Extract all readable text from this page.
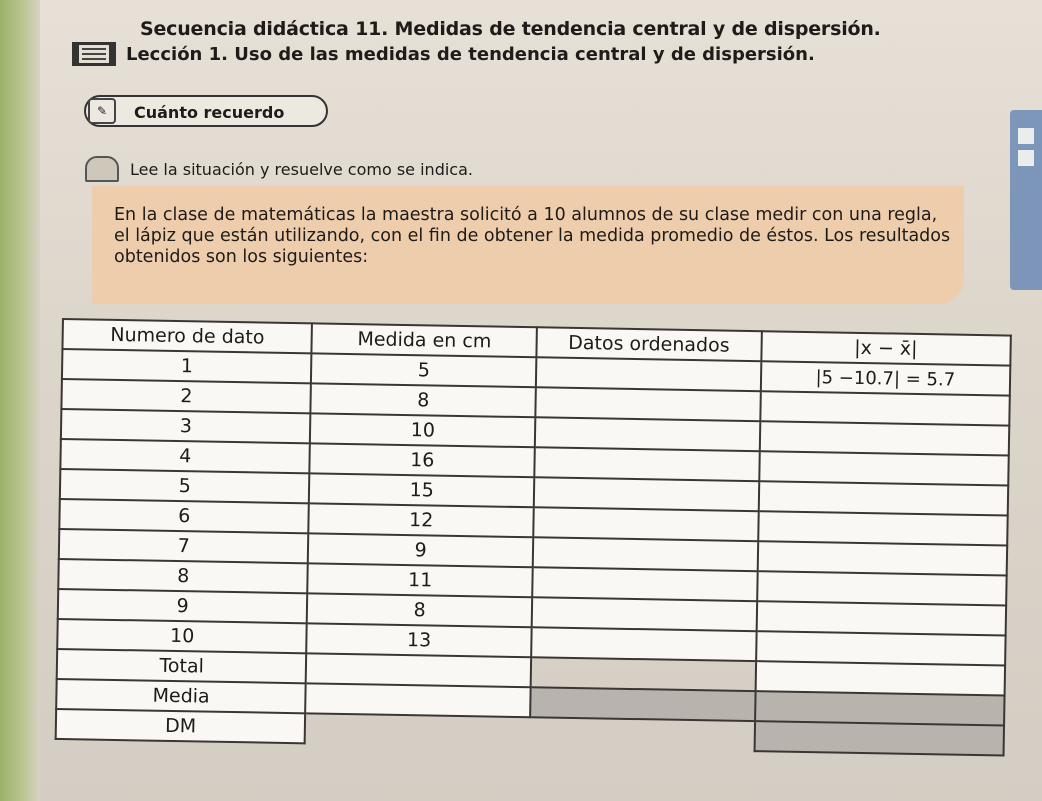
Secuencia didáctica 11. Medidas de tendencia central y de dispersión.
Lección 1. Uso de las medidas de tendencia central y de dispersión.
✎	Cuánto recuerdo
Lee la situación y resuelve como se indica.
En la clase de matemáticas la maestra solicitó a 10 alumnos de su clase medir con una regla, el lápiz que están utilizando, con el fin de obtener la medida promedio de éstos. Los resultados obtenidos son los siguientes:
Numero de dato	Medida en cm	Datos ordenados	|x − x̄|
1	5		|5 −10.7| = 5.7
2	8		
3	10		
4	16		
5	15		
6	12		
7	9		
8	11		
9	8		
10	13		
Total			
Media			
DM			
